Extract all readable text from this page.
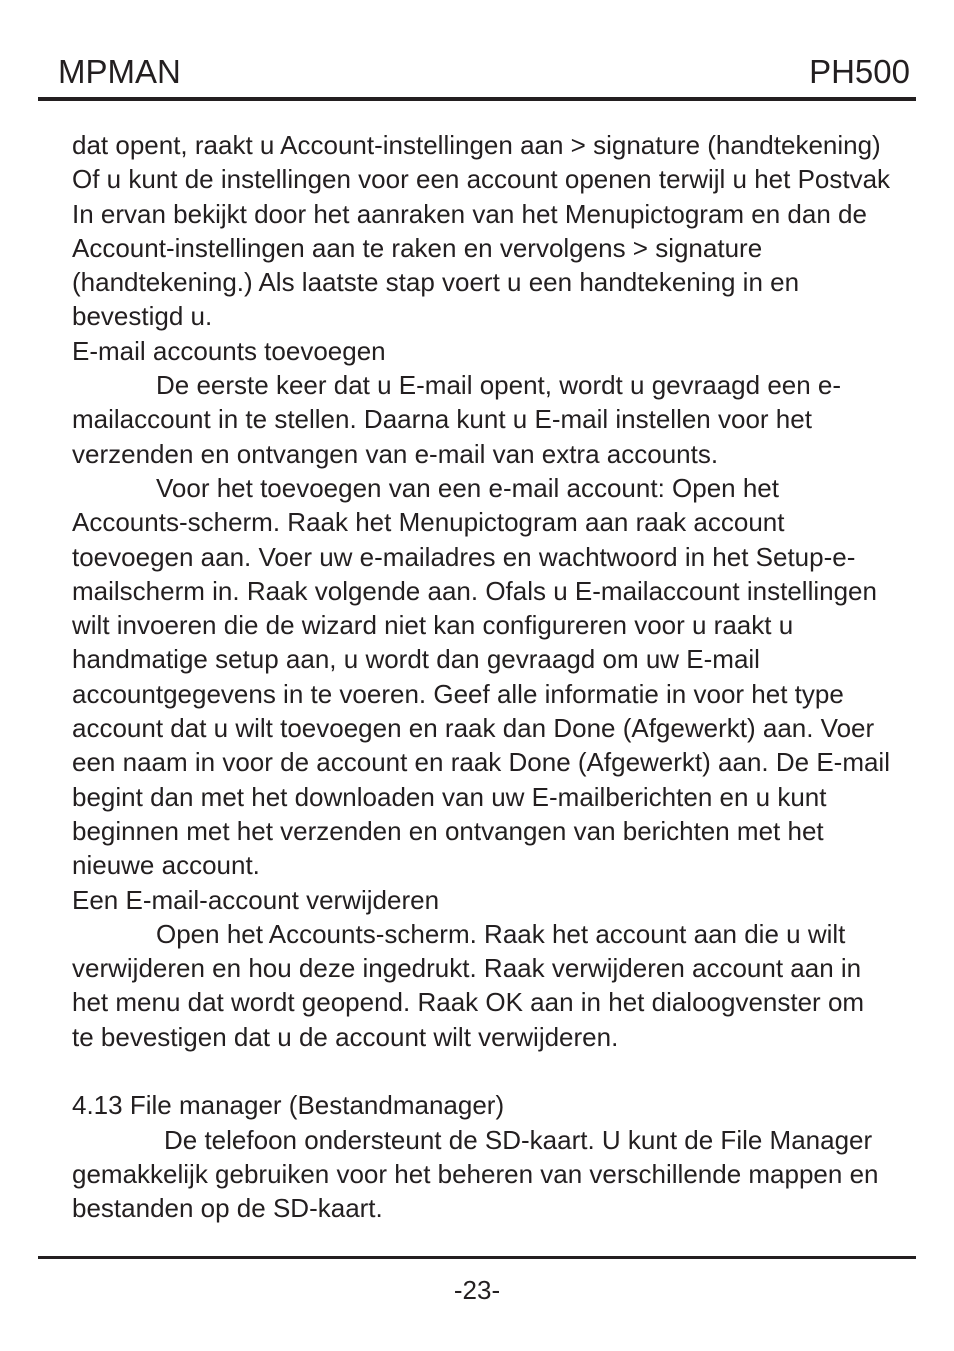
MPMAN	PH500

dat opent, raakt u Account-instellingen aan > signature (handtekening) Of u kunt de instellingen voor een account openen terwijl u het Postvak In ervan bekijkt door het aanraken van het Menupictogram en dan de Account-instellingen aan te raken en vervolgens > signature (handtekening.) Als laatste stap voert u een handtekening in en bevestigd u.

E-mail accounts toevoegen

De eerste keer dat u E-mail opent, wordt u gevraagd een e-mailaccount in te stellen. Daarna kunt u E-mail instellen voor het verzenden en ontvangen van e-mail van extra accounts.

Voor het toevoegen van een e-mail account: Open het Accounts-scherm. Raak het Menupictogram aan raak account toevoegen aan. Voer uw e-mailadres en wachtwoord in het Setup-e-mailscherm in. Raak volgende aan. Ofals u E-mailaccount instellingen wilt invoeren die de wizard niet kan configureren voor u raakt u handmatige setup aan, u wordt dan gevraagd om uw E-mail accountgegevens in te voeren. Geef alle informatie in voor het type account dat u wilt toevoegen en raak dan Done (Afgewerkt) aan. Voer een naam in voor de account en raak Done (Afgewerkt) aan. De E-mail begint dan met het downloaden van uw E-mailberichten en u kunt beginnen met het verzenden en ontvangen van berichten met het nieuwe account.

Een E-mail-account verwijderen

Open het Accounts-scherm. Raak het account aan die u wilt verwijderen en hou deze ingedrukt. Raak verwijderen account aan in het menu dat wordt geopend. Raak OK aan in het dialoogvenster om te bevestigen dat u de account wilt verwijderen.

4.13 File manager (Bestandmanager)

De telefoon ondersteunt de SD-kaart. U kunt de File Manager gemakkelijk gebruiken voor het beheren van verschillende mappen en bestanden op de SD-kaart.

-23-
